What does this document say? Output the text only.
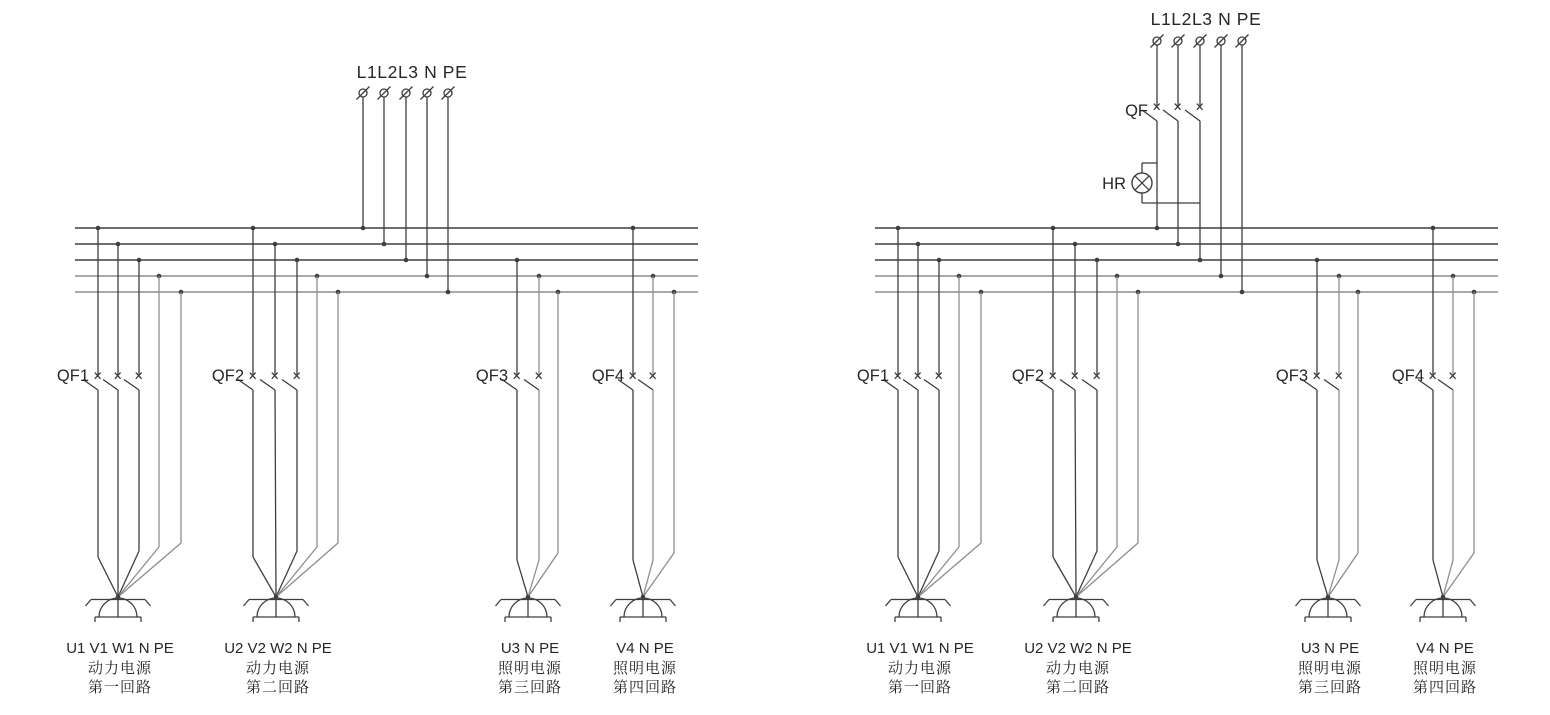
L1L2L3 N PE
QF1
U1 V1 W1 N PE
动力电源
第一回路
QF2
U2 V2 W2 N PE
动力电源
第二回路
QF3
U3 N PE
照明电源
第三回路
QF4
V4 N PE
照明电源
第四回路
L1L2L3 N PE
QF
HR
QF1
U1 V1 W1 N PE
动力电源
第一回路
QF2
U2 V2 W2 N PE
动力电源
第二回路
QF3
U3 N PE
照明电源
第三回路
QF4
V4 N PE
照明电源
第四回路
